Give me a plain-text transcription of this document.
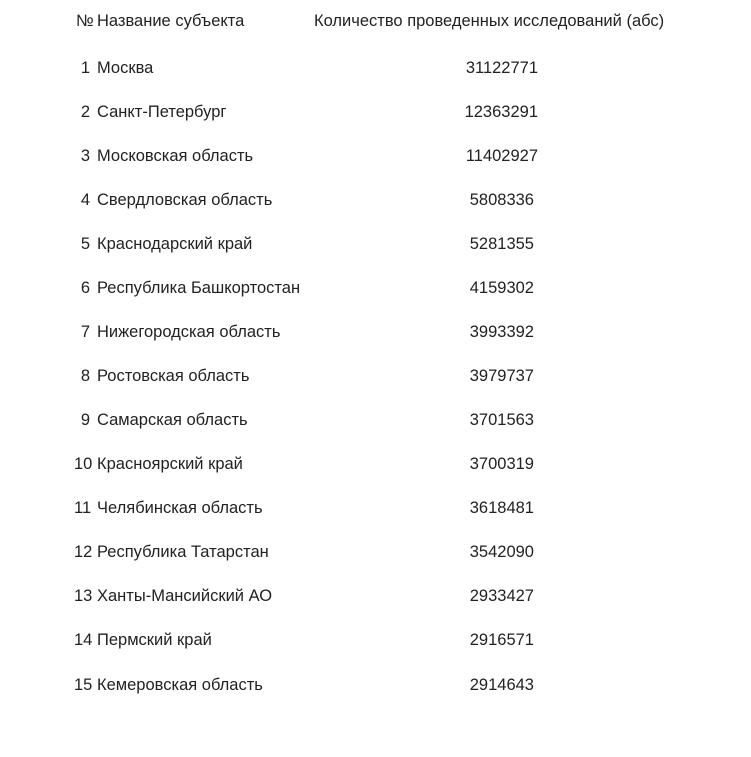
№ Название субъекта	Количество проведенных исследований (абс)
1 Москва	31122771
2 Санкт-Петербург	12363291
3 Московская область	11402927
4 Свердловская область	5808336
5 Краснодарский край	5281355
6 Республика Башкортостан	4159302
7 Нижегородская область	3993392
8 Ростовская область	3979737
9 Самарская область	3701563
10 Красноярский край	3700319
11 Челябинская область	3618481
12 Республика Татарстан	3542090
13 Ханты-Мансийский АО	2933427
14 Пермский край	2916571
15 Кемеровская область	2914643
